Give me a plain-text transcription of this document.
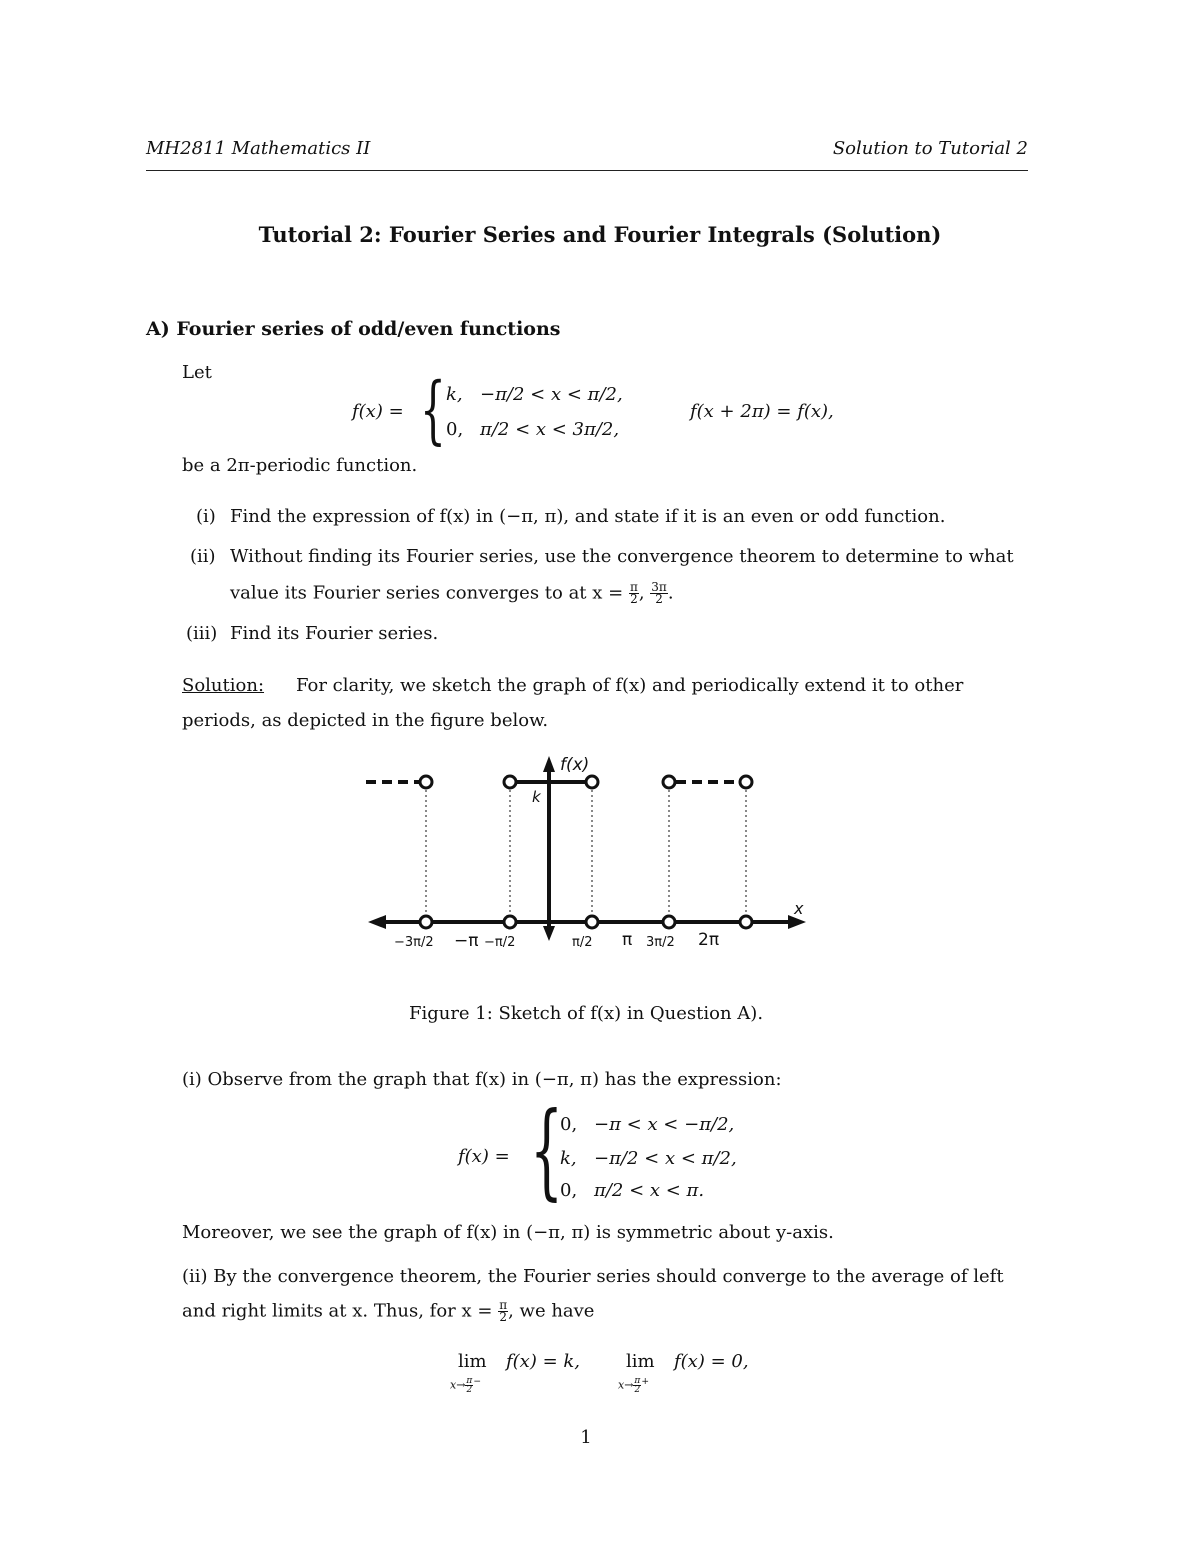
MH2811 Mathematics II	Solution to Tutorial 2
Tutorial 2: Fourier Series and Fourier Integrals (Solution)
A) Fourier series of odd/even functions
Let
f(x) = { k, −π/2 < x < π/2,
0, π/2 < x < 3π/2,
f(x + 2π) = f(x),
be a 2π-periodic function.
(i) Find the expression of f(x) in (−π, π), and state if it is an even or odd function.
(ii) Without finding its Fourier series, use the convergence theorem to determine to what
value its Fourier series converges to at $x = \frac{\pi}{2}$ , $\frac{3\pi}{2}$ .
(iii) Find its Fourier series.
Solution: For clarity, we sketch the graph of f(x) and periodically extend it to other
periods, as depicted in the figure below.
f(x)
k
x
−3π/2 −π −π/2	π/2 π 3π/2 2π
Figure 1: Sketch of f(x) in Question A).
(i) Observe from the graph that f(x) in (−π, π) has the expression:
f(x) = {
0, −π < x < −π/2,
k, −π/2 < x < π/2,
0, π/2 < x < π.
Moreover, we see the graph of f(x) in (−π, π) is symmetric about y-axis.
(ii) By the convergence theorem, the Fourier series should converge to the average of left
and right limits at x. Thus, for $x = \frac{\pi}{2}$ , we have
lim
$x\to \frac{\pi}{2} ^-$
f(x) = k,	lim
$x\to \frac{\pi}{2} ^+$
f(x) = 0,
1
